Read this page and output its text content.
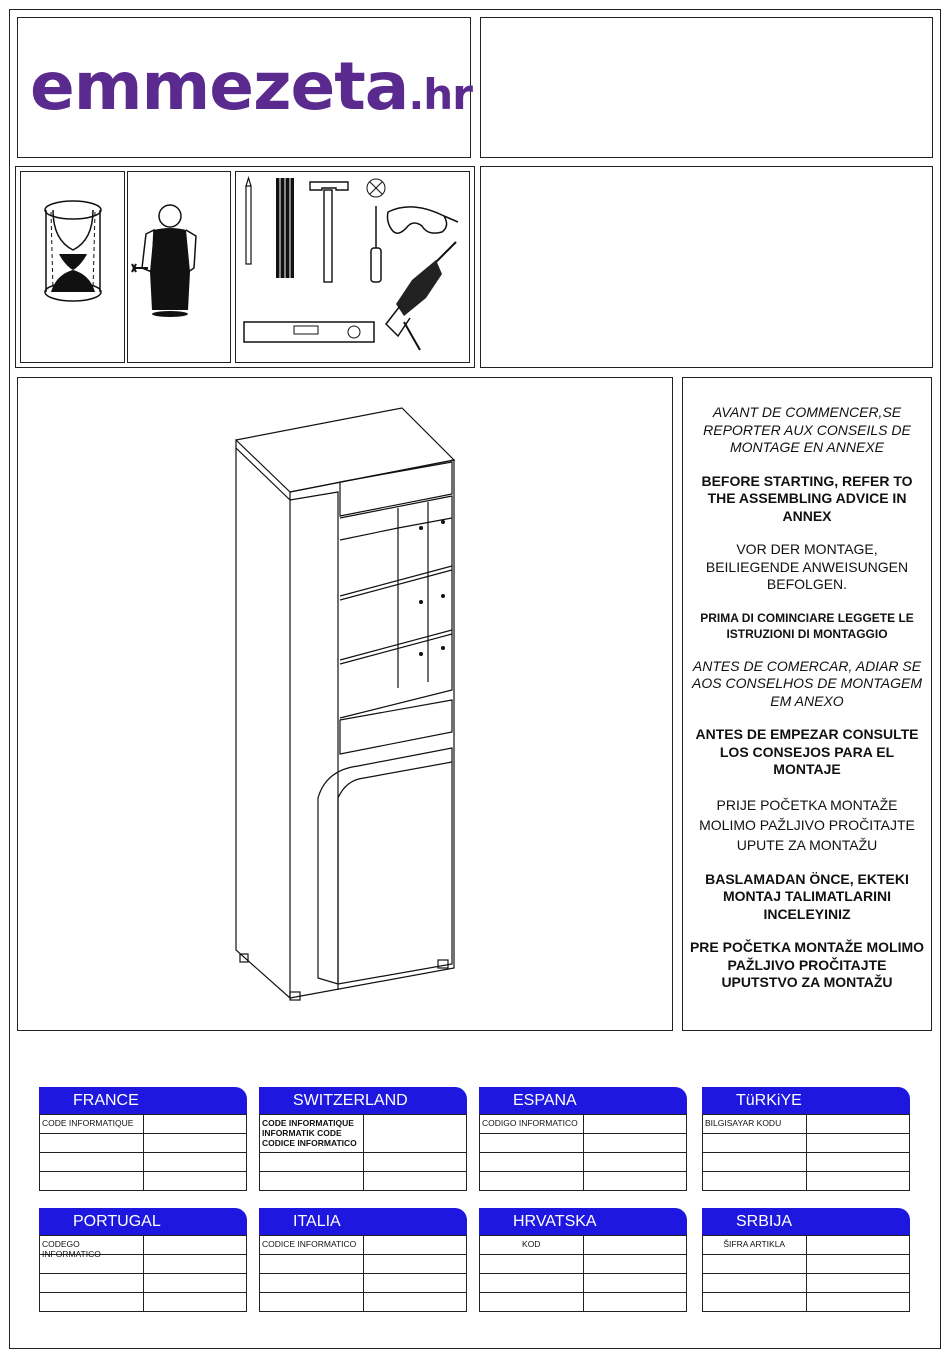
emmezeta.hr

AVANT DE COMMENCER,SE REPORTER AUX CONSEILS DE MONTAGE EN ANNEXE

BEFORE STARTING, REFER TO THE ASSEMBLING ADVICE IN ANNEX

VOR DER MONTAGE, BEILIEGENDE ANWEISUNGEN BEFOLGEN.

PRIMA DI COMINCIARE LEGGETE LE ISTRUZIONI DI MONTAGGIO

ANTES DE COMERCAR, ADIAR SE AOS CONSELHOS DE MONTAGEM EM ANEXO

ANTES DE EMPEZAR CONSULTE LOS CONSEJOS PARA EL MONTAJE

PRIJE POČETKA MONTAŽE MOLIMO PAŽLJIVO PROČITAJTE UPUTE ZA MONTAŽU

BASLAMADAN ÖNCE, EKTEKI MONTAJ TALIMATLARINI INCELEYINIZ

PRE POČETKA MONTAŽE MOLIMO PAŽLJIVO PROČITAJTE UPUTSTVO ZA MONTAŽU

FRANCE
CODE INFORMATIQUE
SWITZERLAND
CODE INFORMATIQUE
INFORMATIK CODE
CODICE INFORMATICO
ESPANA
CODIGO INFORMATICO
TüRKiYE
BILGISAYAR KODU
PORTUGAL
CODEGO INFORMATICO
ITALIA
CODICE INFORMATICO
HRVATSKA
KOD
SRBIJA
ŠIFRA ARTIKLA
